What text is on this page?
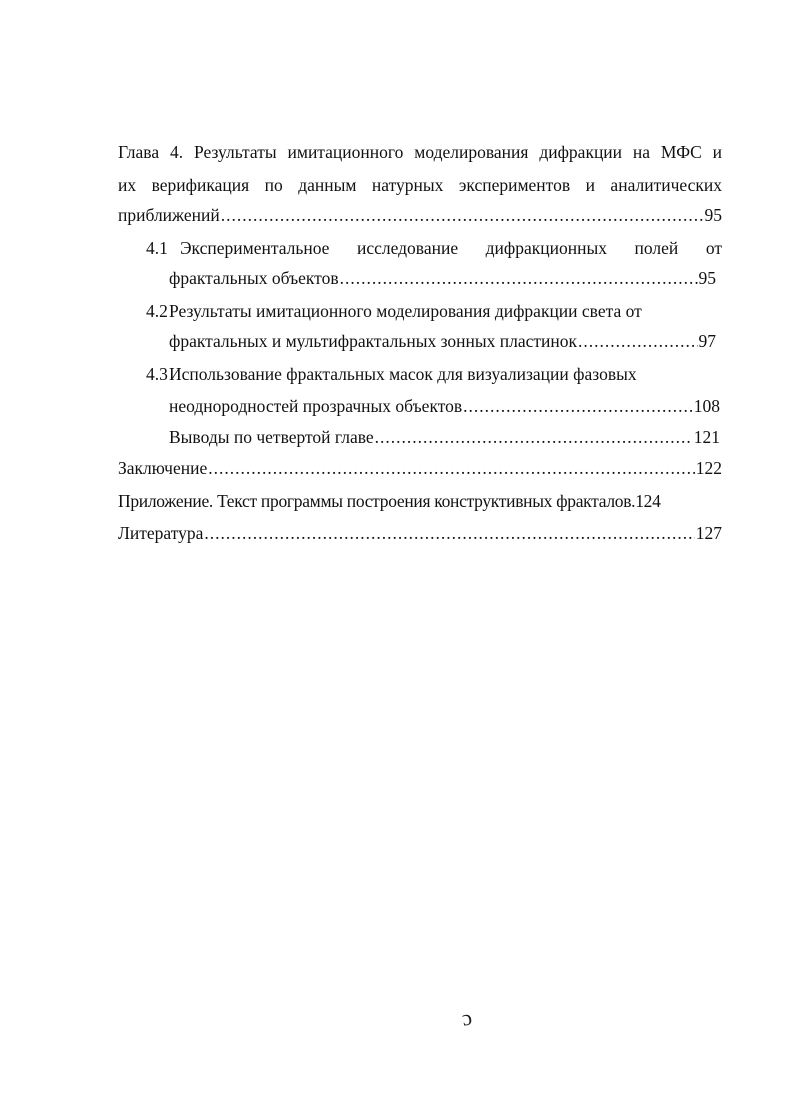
Глава 4. Результаты имитационного моделирования дифракции на МФС и
их верификация по данным натурных экспериментов и аналитических
приближений .....	95
4.1 Экспериментальное исследование дифракционных полей от
фрактальных объектов .....	95
4.2 Результаты имитационного моделирования дифракции света от
фрактальных и мультифрактальных зонных пластинок .....	97
4.3 Использование фрактальных масок для визуализации фазовых
неоднородностей прозрачных объектов .....	108
Выводы по четвертой главе .....	121
Заключение .....	122
Приложение. Текст программы построения конструктивных фракталов.124
Литература .....	127
ɔ
